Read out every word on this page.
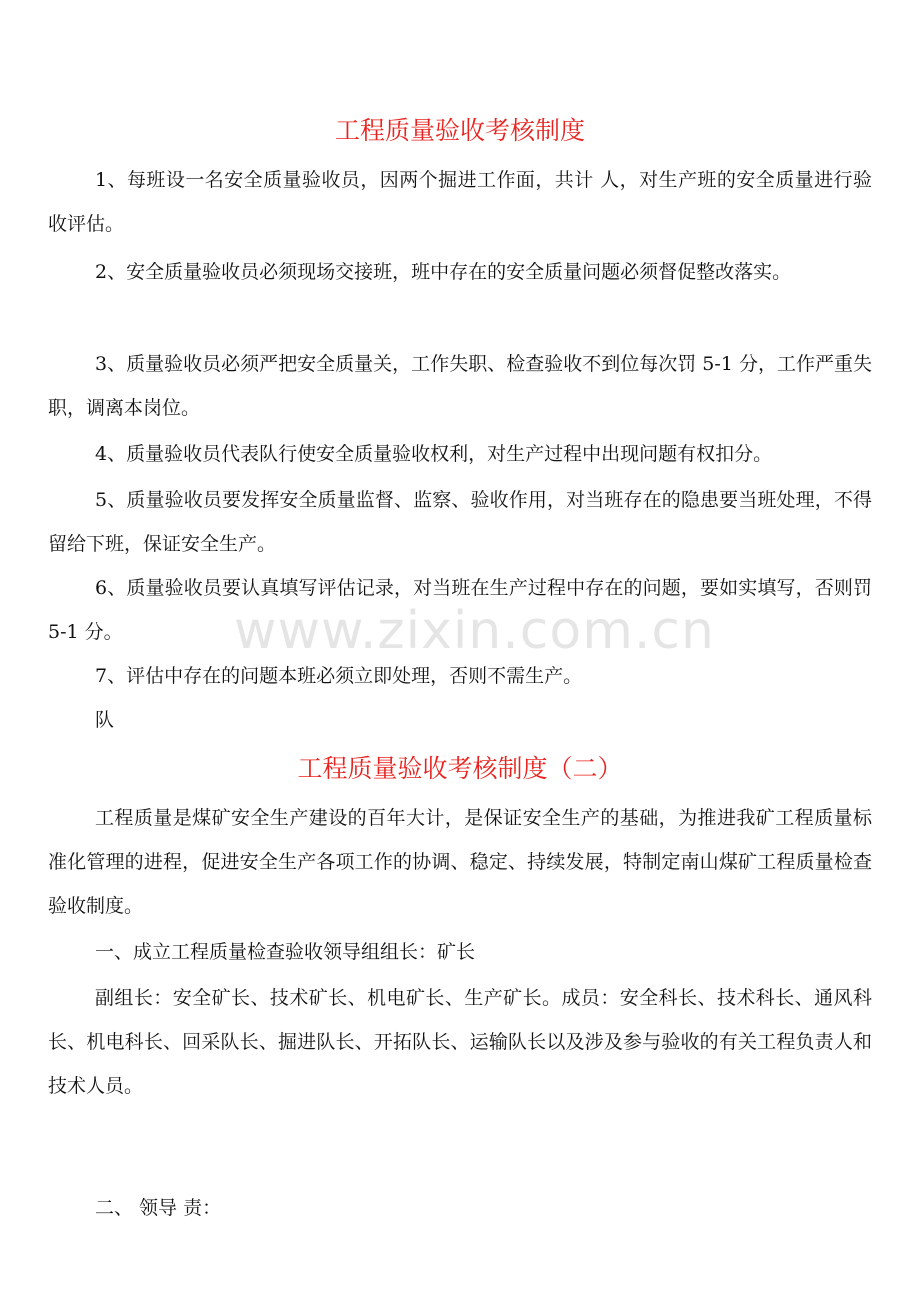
工程质量验收考核制度

1、每班设一名安全质量验收员，因两个掘进工作面，共计 人，对生产班的安全质量进行验收评估。

2、安全质量验收员必须现场交接班，班中存在的安全质量问题必须督促整改落实。

3、质量验收员必须严把安全质量关，工作失职、检查验收不到位每次罚 5-1 分，工作严重失职，调离本岗位。

4、质量验收员代表队行使安全质量验收权利，对生产过程中出现问题有权扣分。

5、质量验收员要发挥安全质量监督、监察、验收作用，对当班存在的隐患要当班处理，不得留给下班，保证安全生产。

6、质量验收员要认真填写评估记录，对当班在生产过程中存在的问题，要如实填写，否则罚 5-1 分。

7、评估中存在的问题本班必须立即处理，否则不需生产。

队

工程质量验收考核制度（二）

工程质量是煤矿安全生产建设的百年大计，是保证安全生产的基础，为推进我矿工程质量标准化管理的进程，促进安全生产各项工作的协调、稳定、持续发展，特制定南山煤矿工程质量检查验收制度。

一、成立工程质量检查验收领导组组长：矿长

副组长：安全矿长、技术矿长、机电矿长、生产矿长。成员：安全科长、技术科长、通风科长、机电科长、回采队长、掘进队长、开拓队长、运输队长以及涉及参与验收的有关工程负责人和技术人员。

二、 领导 责：

www.zixin.com.cn
